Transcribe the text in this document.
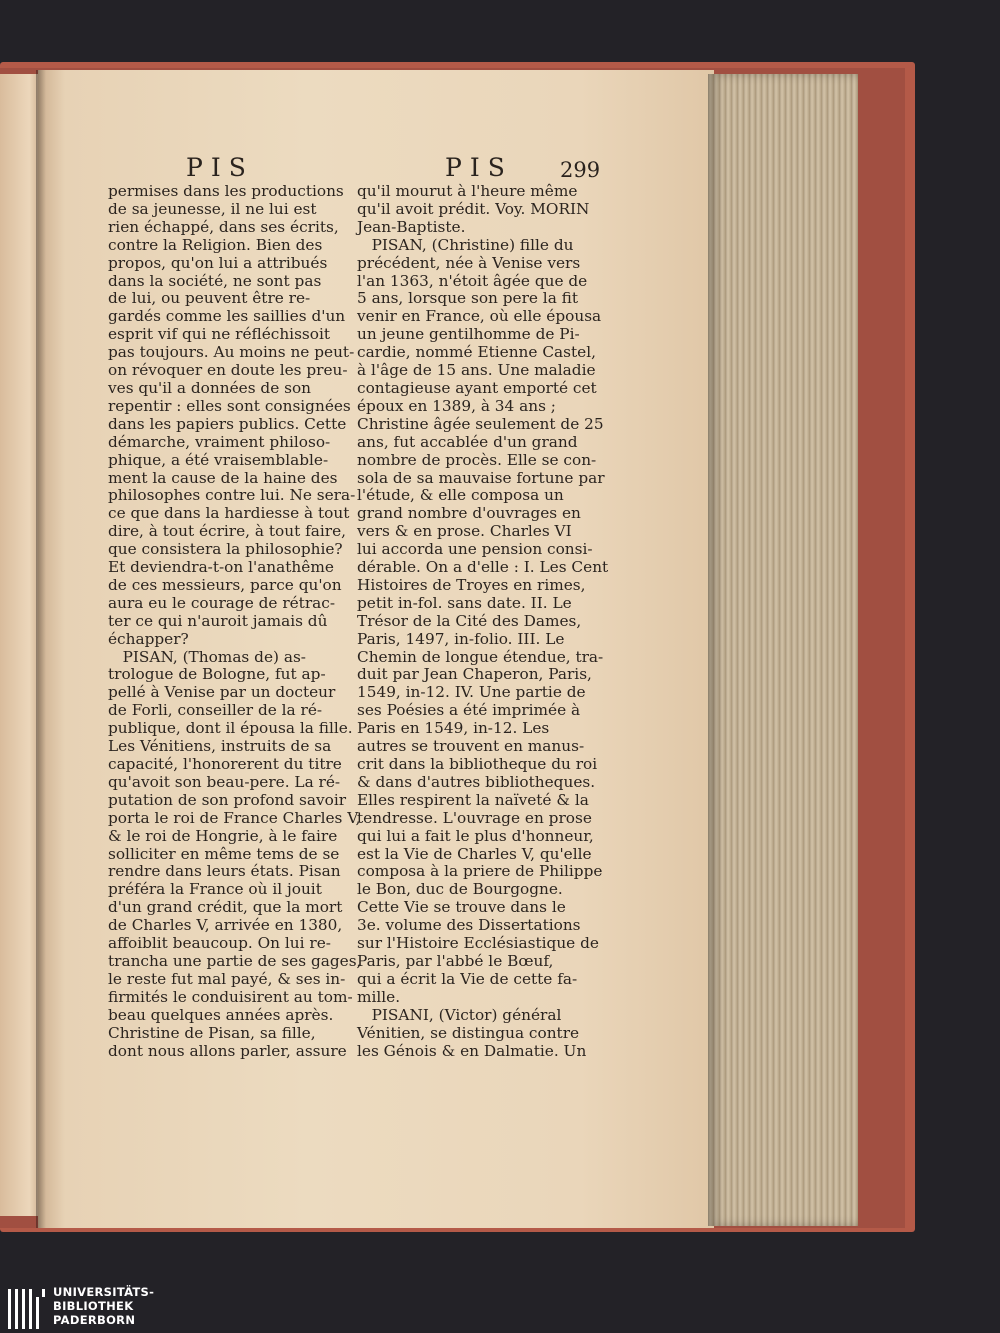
PIS	PIS 299
permises dans les productions
de sa jeunesse, il ne lui est
rien échappé, dans ses écrits,
contre la Religion. Bien des
propos, qu'on lui a attribués
dans la société, ne sont pas
de lui, ou peuvent être re-
gardés comme les saillies d'un
esprit vif qui ne réfléchissoit
pas toujours. Au moins ne peut-
on révoquer en doute les preu-
ves qu'il a données de son
repentir : elles sont consignées
dans les papiers publics. Cette
démarche, vraiment philoso-
phique, a été vraisemblable-
ment la cause de la haine des
philosophes contre lui. Ne sera-
ce que dans la hardiesse à tout
dire, à tout écrire, à tout faire,
que consistera la philosophie?
Et deviendra-t-on l'anathême
de ces messieurs, parce qu'on
aura eu le courage de rétrac-
ter ce qui n'auroit jamais dû
échapper?
PISAN, (Thomas de) as-
trologue de Bologne, fut ap-
pellé à Venise par un docteur
de Forli, conseiller de la ré-
publique, dont il épousa la fille.
Les Vénitiens, instruits de sa
capacité, l'honorerent du titre
qu'avoit son beau-pere. La ré-
putation de son profond savoir
porta le roi de France Charles V,
& le roi de Hongrie, à le faire
solliciter en même tems de se
rendre dans leurs états. Pisan
préféra la France où il jouit
d'un grand crédit, que la mort
de Charles V, arrivée en 1380,
affoiblit beaucoup. On lui re-
trancha une partie de ses gages,
le reste fut mal payé, & ses in-
firmités le conduisirent au tom-
beau quelques années après.
Christine de Pisan, sa fille,
dont nous allons parler, assure
qu'il mourut à l'heure même
qu'il avoit prédit. Voy. MORIN
Jean-Baptiste.
PISAN, (Christine) fille du
précédent, née à Venise vers
l'an 1363, n'étoit âgée que de
5 ans, lorsque son pere la fit
venir en France, où elle épousa
un jeune gentilhomme de Pi-
cardie, nommé Etienne Castel,
à l'âge de 15 ans. Une maladie
contagieuse ayant emporté cet
époux en 1389, à 34 ans ;
Christine âgée seulement de 25
ans, fut accablée d'un grand
nombre de procès. Elle se con-
sola de sa mauvaise fortune par
l'étude, & elle composa un
grand nombre d'ouvrages en
vers & en prose. Charles VI
lui accorda une pension consi-
dérable. On a d'elle : I. Les Cent
Histoires de Troyes en rimes,
petit in-fol. sans date. II. Le
Trésor de la Cité des Dames,
Paris, 1497, in-folio. III. Le
Chemin de longue étendue, tra-
duit par Jean Chaperon, Paris,
1549, in-12. IV. Une partie de
ses Poésies a été imprimée à
Paris en 1549, in-12. Les
autres se trouvent en manus-
crit dans la bibliotheque du roi
& dans d'autres bibliotheques.
Elles respirent la naïveté & la
tendresse. L'ouvrage en prose
qui lui a fait le plus d'honneur,
est la Vie de Charles V, qu'elle
composa à la priere de Philippe
le Bon, duc de Bourgogne.
Cette Vie se trouve dans le
3e. volume des Dissertations
sur l'Histoire Ecclésiastique de
Paris, par l'abbé le Bœuf,
qui a écrit la Vie de cette fa-
mille.
PISANI, (Victor) général
Vénitien, se distingua contre
les Génois & en Dalmatie. Un
UNIVERSITÄTS-
BIBLIOTHEK
PADERBORN
